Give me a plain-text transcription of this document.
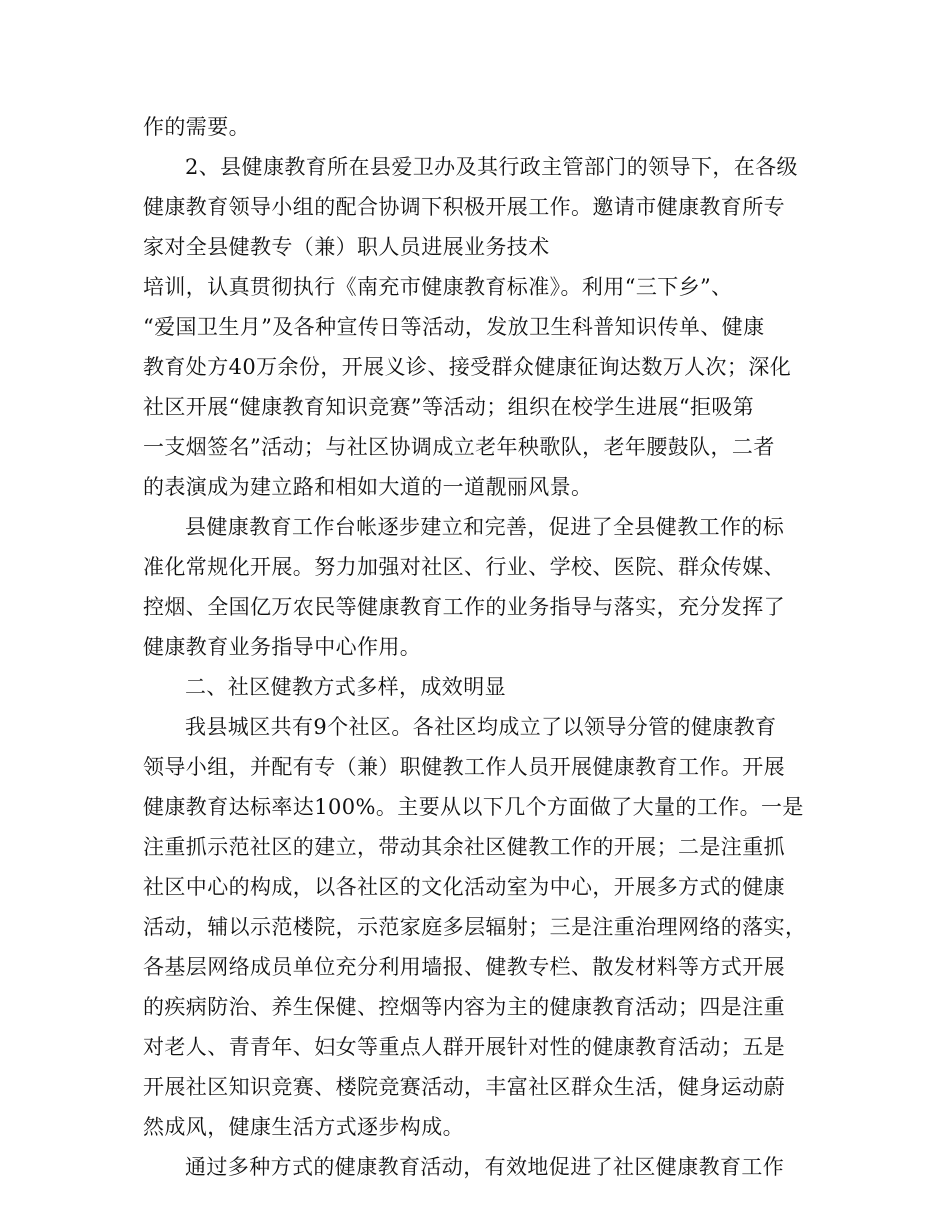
作的需要。
2、县健康教育所在县爱卫办及其行政主管部门的领导下，在各级
健康教育领导小组的配合协调下积极开展工作。邀请市健康教育所专
家对全县健教专（兼）职人员进展业务技术
培训，认真贯彻执行《南充市健康教育标准》。利用“三下乡”、
“爱国卫生月”及各种宣传日等活动，发放卫生科普知识传单、健康
教育处方40万余份，开展义诊、接受群众健康征询达数万人次；深化
社区开展“健康教育知识竞赛”等活动；组织在校学生进展“拒吸第
一支烟签名”活动；与社区协调成立老年秧歌队，老年腰鼓队，二者
的表演成为建立路和相如大道的一道靓丽风景。
县健康教育工作台帐逐步建立和完善，促进了全县健教工作的标
准化常规化开展。努力加强对社区、行业、学校、医院、群众传媒、
控烟、全国亿万农民等健康教育工作的业务指导与落实，充分发挥了
健康教育业务指导中心作用。
二、社区健教方式多样，成效明显
我县城区共有9个社区。各社区均成立了以领导分管的健康教育
领导小组，并配有专（兼）职健教工作人员开展健康教育工作。开展
健康教育达标率达100%。主要从以下几个方面做了大量的工作。一是
注重抓示范社区的建立，带动其余社区健教工作的开展；二是注重抓
社区中心的构成，以各社区的文化活动室为中心，开展多方式的健康
活动，辅以示范楼院，示范家庭多层辐射；三是注重治理网络的落实，
各基层网络成员单位充分利用墙报、健教专栏、散发材料等方式开展
的疾病防治、养生保健、控烟等内容为主的健康教育活动；四是注重
对老人、青青年、妇女等重点人群开展针对性的健康教育活动；五是
开展社区知识竞赛、楼院竞赛活动，丰富社区群众生活，健身运动蔚
然成风，健康生活方式逐步构成。
通过多种方式的健康教育活动，有效地促进了社区健康教育工作
